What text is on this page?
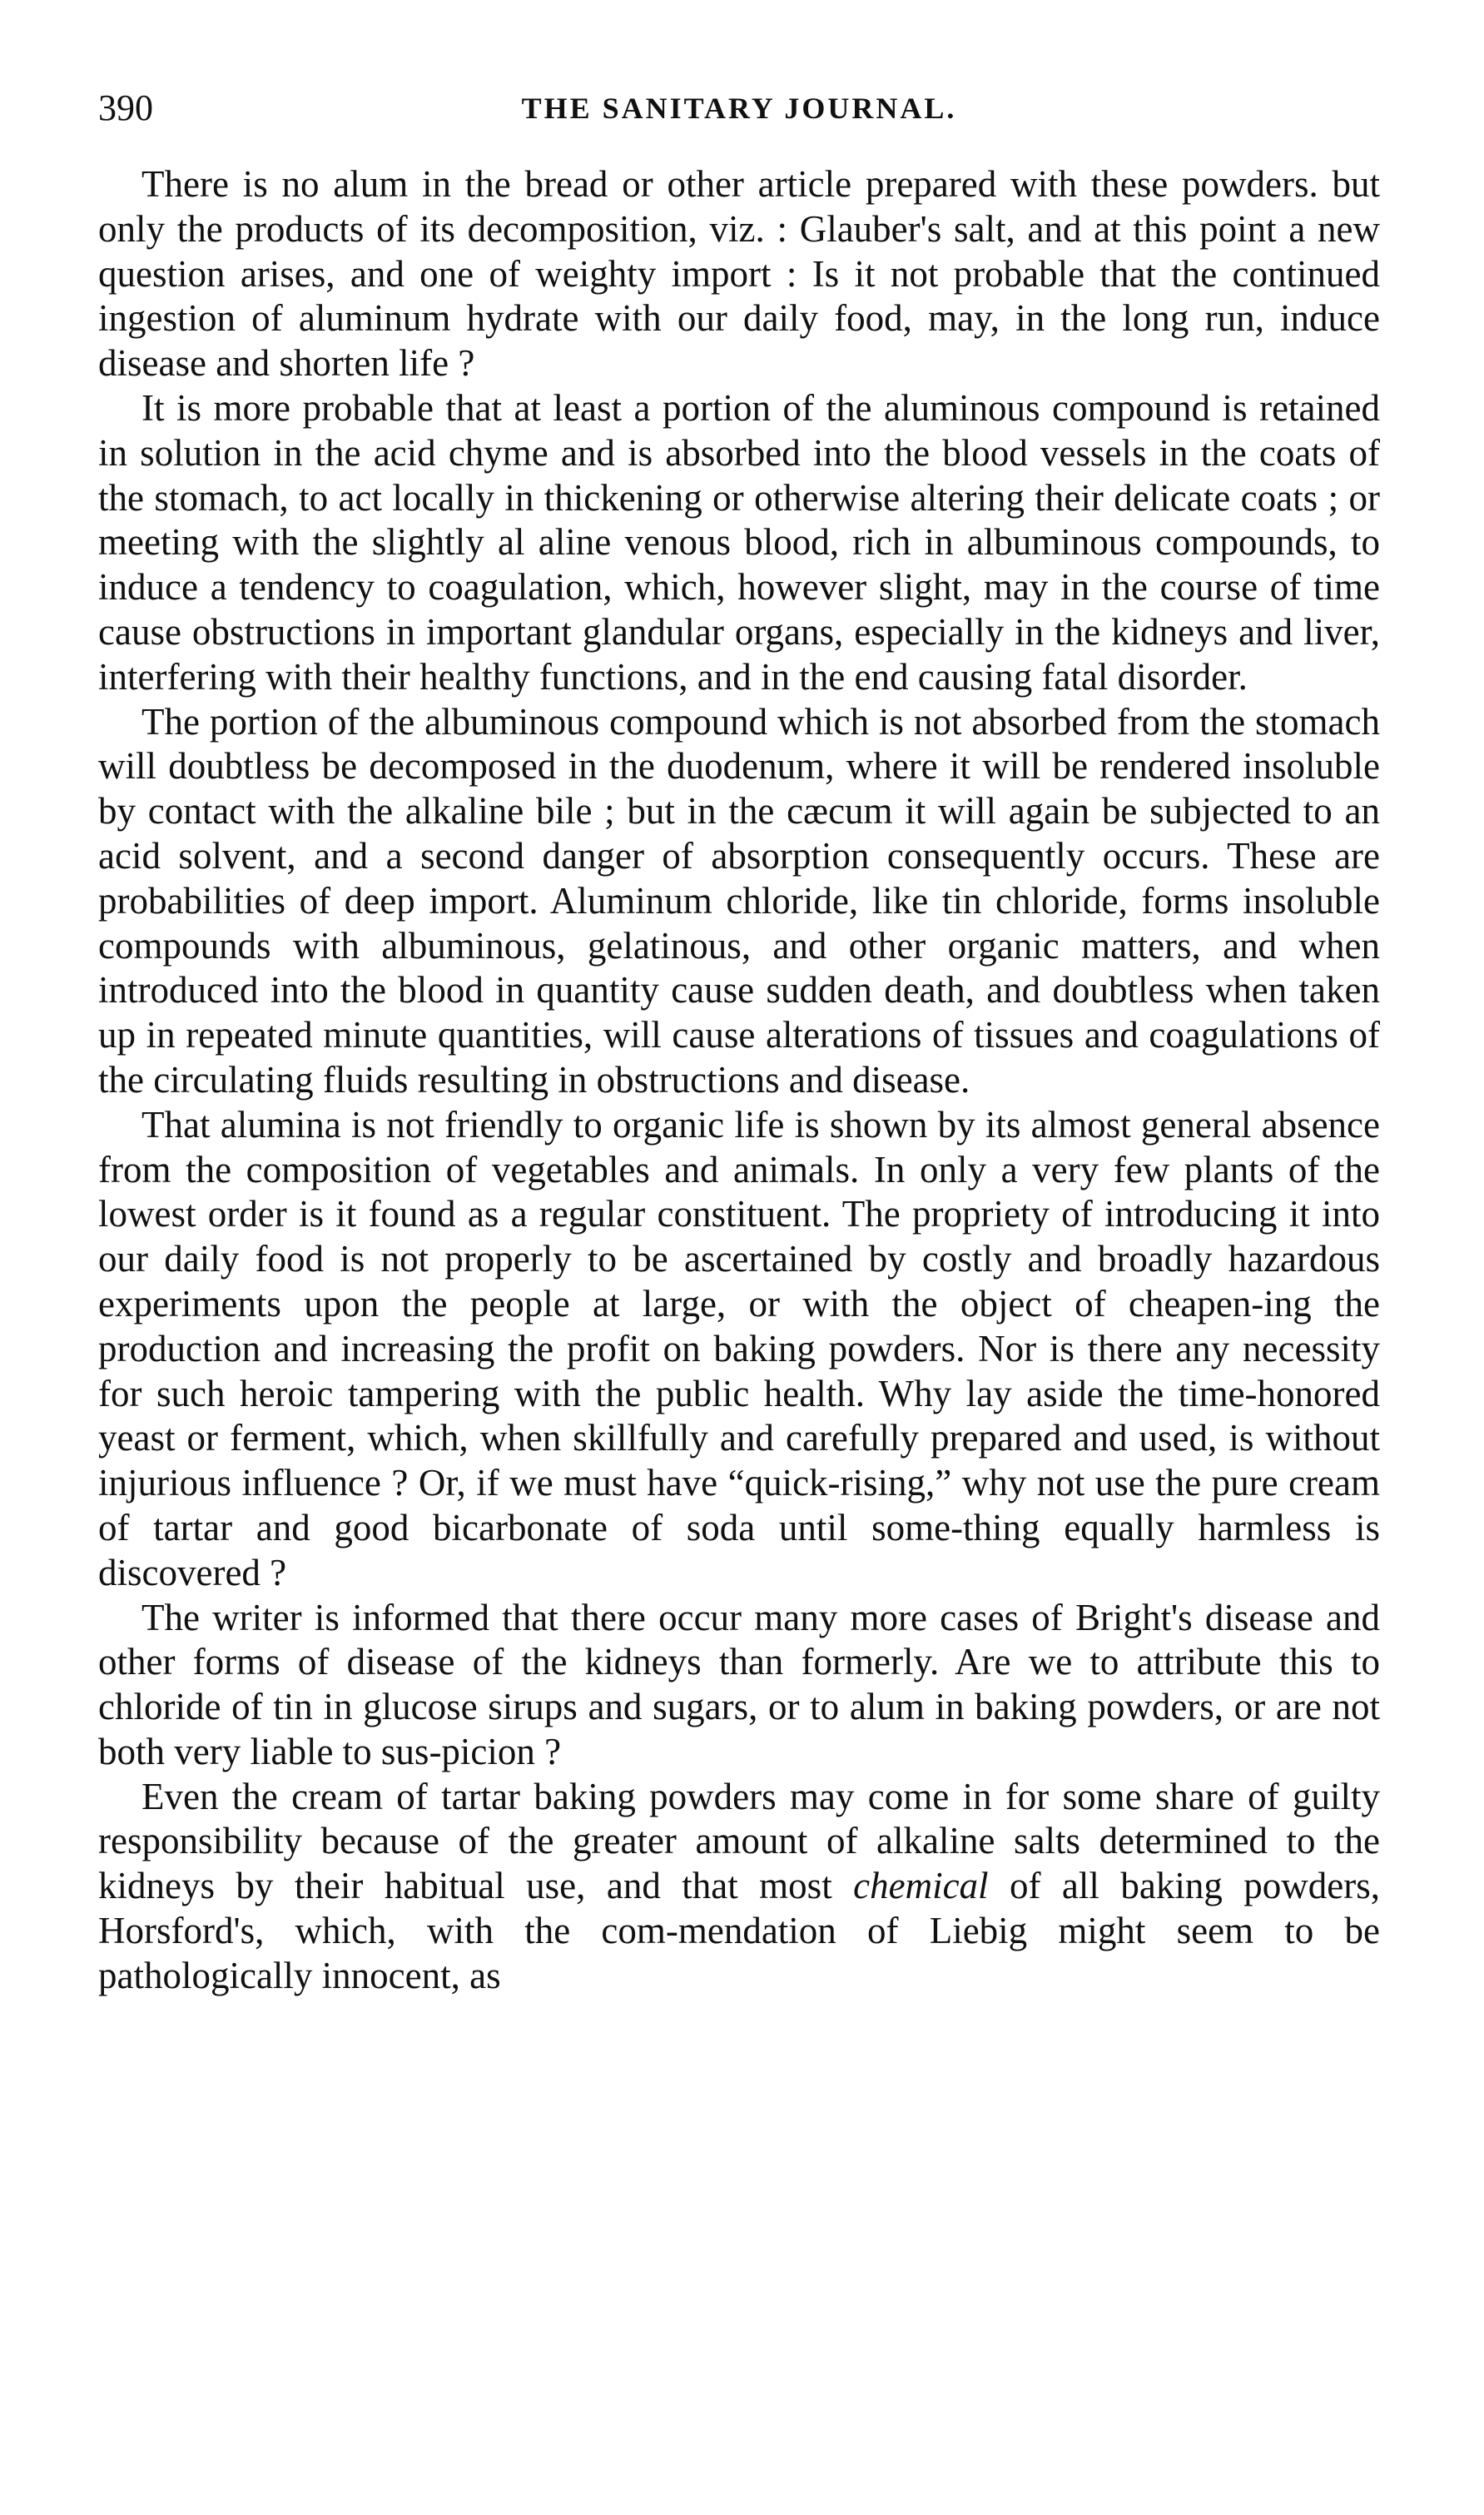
390	THE SANITARY JOURNAL.

There is no alum in the bread or other article prepared with these powders. but only the products of its decomposition, viz. : Glauber's salt, and at this point a new question arises, and one of weighty import : Is it not probable that the continued ingestion of aluminum hydrate with our daily food, may, in the long run, induce disease and shorten life ?

It is more probable that at least a portion of the aluminous compound is retained in solution in the acid chyme and is absorbed into the blood vessels in the coats of the stomach, to act locally in thickening or otherwise altering their delicate coats ; or meeting with the slightly al aline venous blood, rich in albuminous compounds, to induce a tendency to coagulation, which, however slight, may in the course of time cause obstructions in important glandular organs, especially in the kidneys and liver, interfering with their healthy functions, and in the end causing fatal disorder.

The portion of the albuminous compound which is not absorbed from the stomach will doubtless be decomposed in the duodenum, where it will be rendered insoluble by contact with the alkaline bile ; but in the cæcum it will again be subjected to an acid solvent, and a second danger of absorption consequently occurs. These are probabilities of deep import. Aluminum chloride, like tin chloride, forms insoluble compounds with albuminous, gelatinous, and other organic matters, and when introduced into the blood in quantity cause sudden death, and doubtless when taken up in repeated minute quantities, will cause alterations of tissues and coagulations of the circulating fluids resulting in obstructions and disease.

That alumina is not friendly to organic life is shown by its almost general absence from the composition of vegetables and animals. In only a very few plants of the lowest order is it found as a regular constituent. The propriety of introducing it into our daily food is not properly to be ascertained by costly and broadly hazardous experiments upon the people at large, or with the object of cheapen-ing the production and increasing the profit on baking powders. Nor is there any necessity for such heroic tampering with the public health. Why lay aside the time-honored yeast or ferment, which, when skillfully and carefully prepared and used, is without injurious influence ? Or, if we must have “quick-rising,” why not use the pure cream of tartar and good bicarbonate of soda until some-thing equally harmless is discovered ?

The writer is informed that there occur many more cases of Bright's disease and other forms of disease of the kidneys than formerly. Are we to attribute this to chloride of tin in glucose sirups and sugars, or to alum in baking powders, or are not both very liable to sus-picion ?

Even the cream of tartar baking powders may come in for some share of guilty responsibility because of the greater amount of alkaline salts determined to the kidneys by their habitual use, and that most chemical of all baking powders, Horsford's, which, with the com-mendation of Liebig might seem to be pathologically innocent, as
